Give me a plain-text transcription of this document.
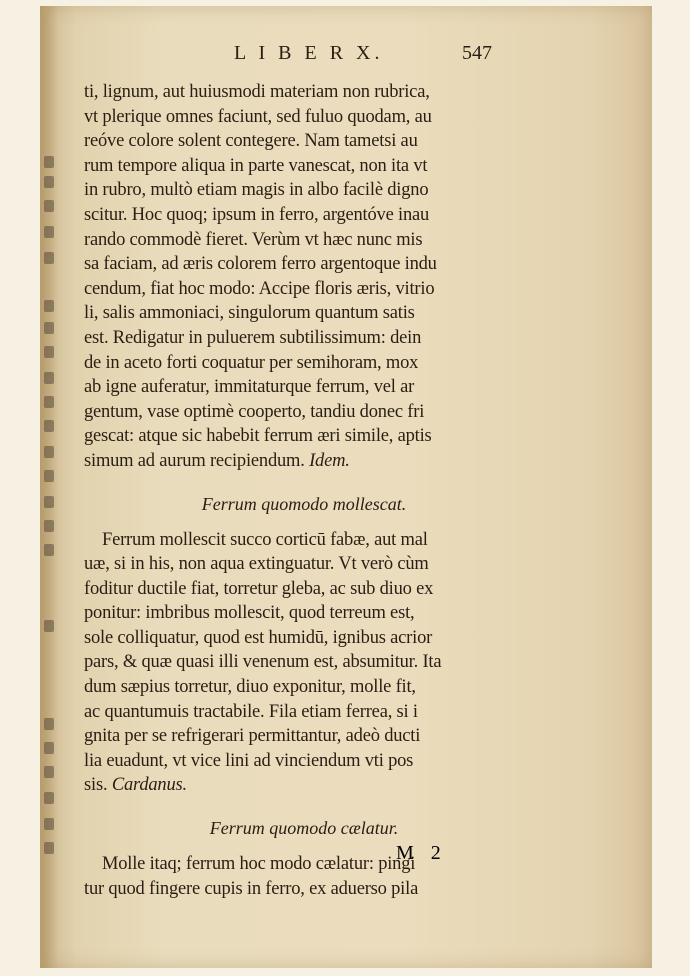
L I B E R X.	547
ti, lignum, aut huiusmodi materiam non rubrica,
vt plerique omnes faciunt, sed fuluo quodam, au
reóve colore solent contegere. Nam tametsi au
rum tempore aliqua in parte vanescat, non ita vt
in rubro, multò etiam magis in albo facilè digno
scitur. Hoc quoq; ipsum in ferro, argentóve inau
rando commodè fieret. Verùm vt hæc nunc mis
sa faciam, ad æris colorem ferro argentoque indu
cendum, fiat hoc modo: Accipe floris æris, vitrio
li, salis ammoniaci, singulorum quantum satis
est. Redigatur in puluerem subtilissimum: dein
de in aceto forti coquatur per semihoram, mox
ab igne auferatur, immitaturque ferrum, vel ar
gentum, vase optimè cooperto, tandiu donec fri
gescat: atque sic habebit ferrum æri simile, aptis
simum ad aurum recipiendum. Idem.
Ferrum quomodo mollescat.
Ferrum mollescit succo corticū fabæ, aut mal
uæ, si in his, non aqua extinguatur. Vt verò cùm
foditur ductile fiat, torretur gleba, ac sub diuo ex
ponitur: imbribus mollescit, quod terreum est,
sole colliquatur, quod est humidū, ignibus acrior
pars, & quæ quasi illi venenum est, absumitur. Ita
dum sæpius torretur, diuo exponitur, molle fit,
ac quantumuis tractabile. Fila etiam ferrea, si i
gnita per se refrigerari permittantur, adeò ducti
lia euadunt, vt vice lini ad vinciendum vti pos
sis. Cardanus.
Ferrum quomodo cælatur.
Molle itaq; ferrum hoc modo cælatur: pingi
tur quod fingere cupis in ferro, ex aduerso pila
M 2
